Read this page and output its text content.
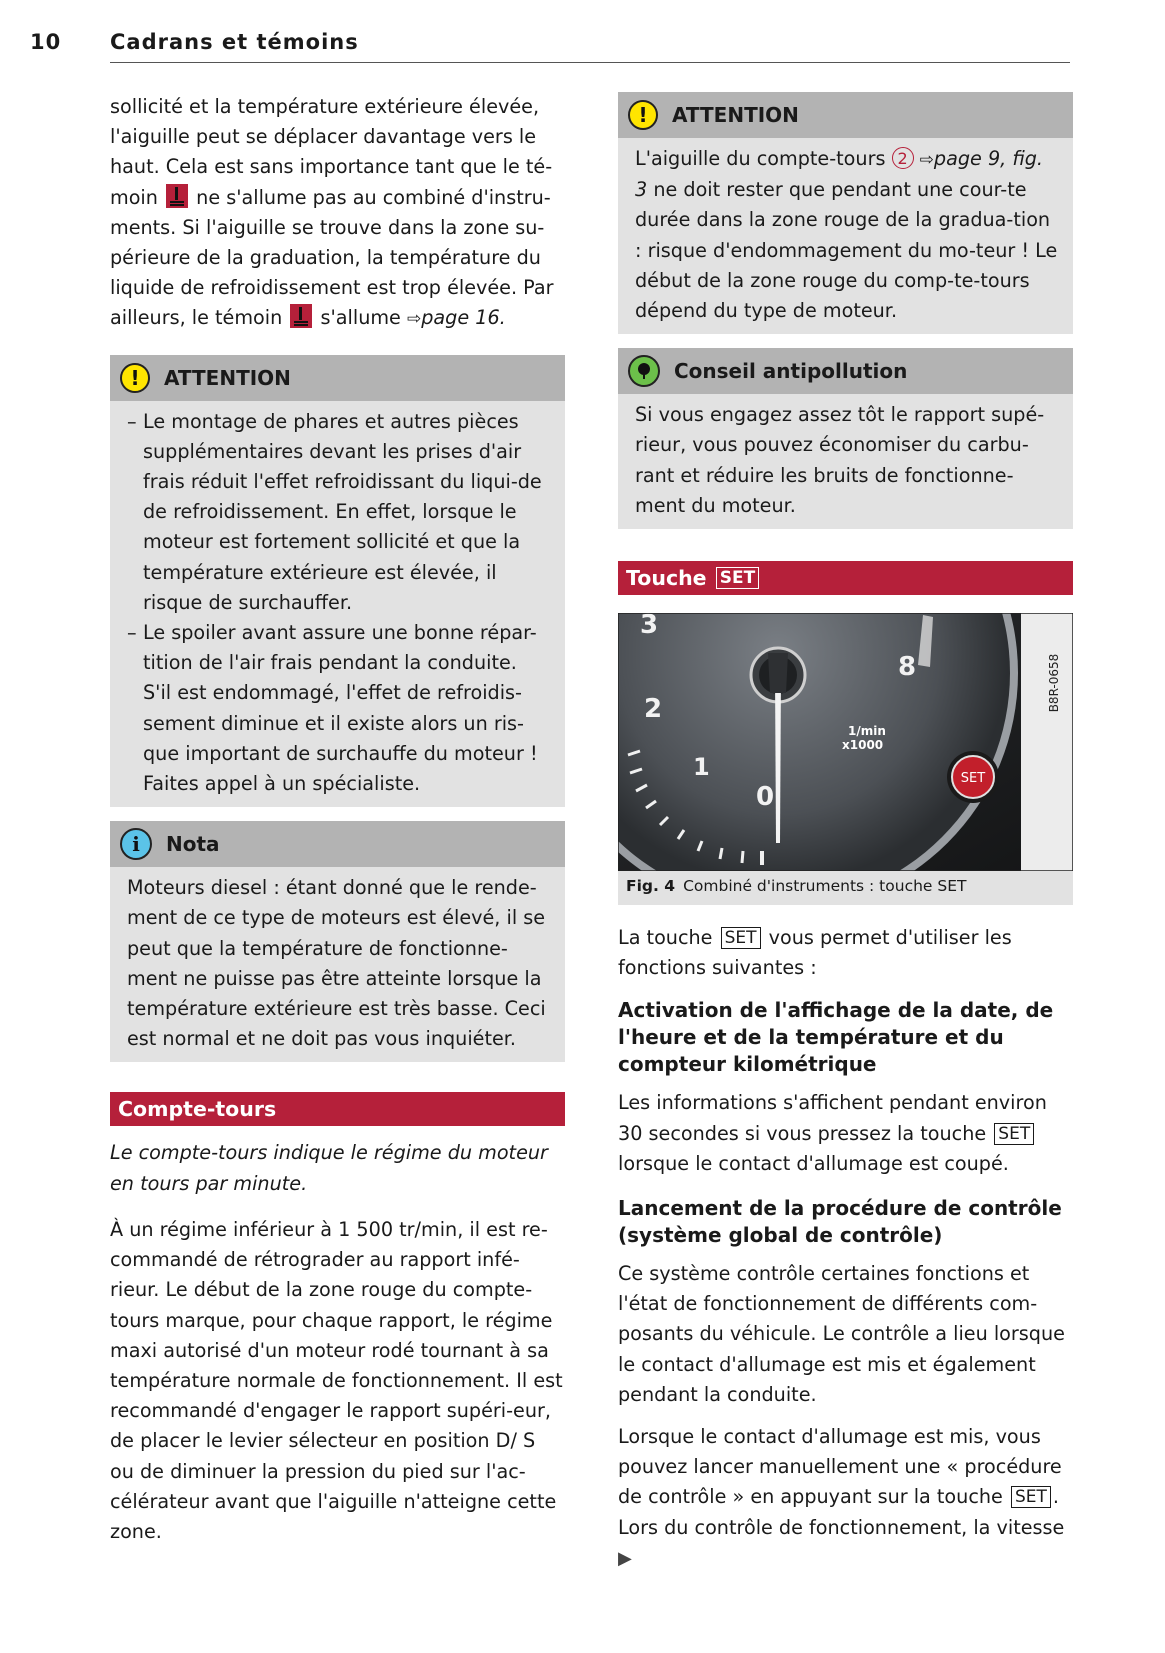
10 Cadrans et témoins

sollicité et la température extérieure élevée, l'aiguille peut se déplacer davantage vers le haut. Cela est sans importance tant que le té-moin ne s'allume pas au combiné d'instru-ments. Si l'aiguille se trouve dans la zone su-périeure de la graduation, la température du liquide de refroidissement est trop élevée. Par ailleurs, le témoin s'allume ⇨page 16.

!	ATTENTION
– Le montage de phares et autres pièces supplémentaires devant les prises d'air frais réduit l'effet refroidissant du liqui-de de refroidissement. En effet, lorsque le moteur est fortement sollicité et que la température extérieure est élevée, il risque de surchauffer.
– Le spoiler avant assure une bonne répar-tition de l'air frais pendant la conduite. S'il est endommagé, l'effet de refroidis-sement diminue et il existe alors un ris-que important de surchauffe du moteur ! Faites appel à un spécialiste.
i	Nota
Moteurs diesel : étant donné que le rende-ment de ce type de moteurs est élevé, il se peut que la température de fonctionne-ment ne puisse pas être atteinte lorsque la température extérieure est très basse. Ceci est normal et ne doit pas vous inquiéter.
Compte-tours

Le compte-tours indique le régime du moteur en tours par minute.

À un régime inférieur à 1 500 tr/min, il est re-commandé de rétrograder au rapport infé-rieur. Le début de la zone rouge du compte-tours marque, pour chaque rapport, le régime maxi autorisé d'un moteur rodé tournant à sa température normale de fonctionnement. Il est recommandé d'engager le rapport supéri-eur, de placer le levier sélecteur en position D/ S ou de diminuer la pression du pied sur l'ac-célérateur avant que l'aiguille n'atteigne cette zone.

!	ATTENTION
L'aiguille du compte-tours 2 ⇨page 9, fig. 3 ne doit rester que pendant une cour-te durée dans la zone rouge de la gradua-tion : risque d'endommagement du mo-teur ! Le début de la zone rouge du comp-te-tours dépend du type de moteur.
Conseil antipollution
Si vous engagez assez tôt le rapport supé-rieur, vous pouvez économiser du carbu-rant et réduire les bruits de fonctionne-ment du moteur.
Touche
SET
3
2
1
0
8
1/min
x1000
SET
B8R-0658
Fig. 4 Combiné d'instruments : touche SET

La touche SET vous permet d'utiliser les fonctions suivantes :

Activation de l'affichage de la date, de l'heure et de la température et du compteur kilométrique

Les informations s'affichent pendant environ 30 secondes si vous pressez la touche SET lorsque le contact d'allumage est coupé.

Lancement de la procédure de contrôle (système global de contrôle)

Ce système contrôle certaines fonctions et l'état de fonctionnement de différents com-posants du véhicule. Le contrôle a lieu lorsque le contact d'allumage est mis et également pendant la conduite.

Lorsque le contact d'allumage est mis, vous pouvez lancer manuellement une « procédure de contrôle » en appuyant sur la touche SET . Lors du contrôle de fonctionnement, la vitesse ▶
